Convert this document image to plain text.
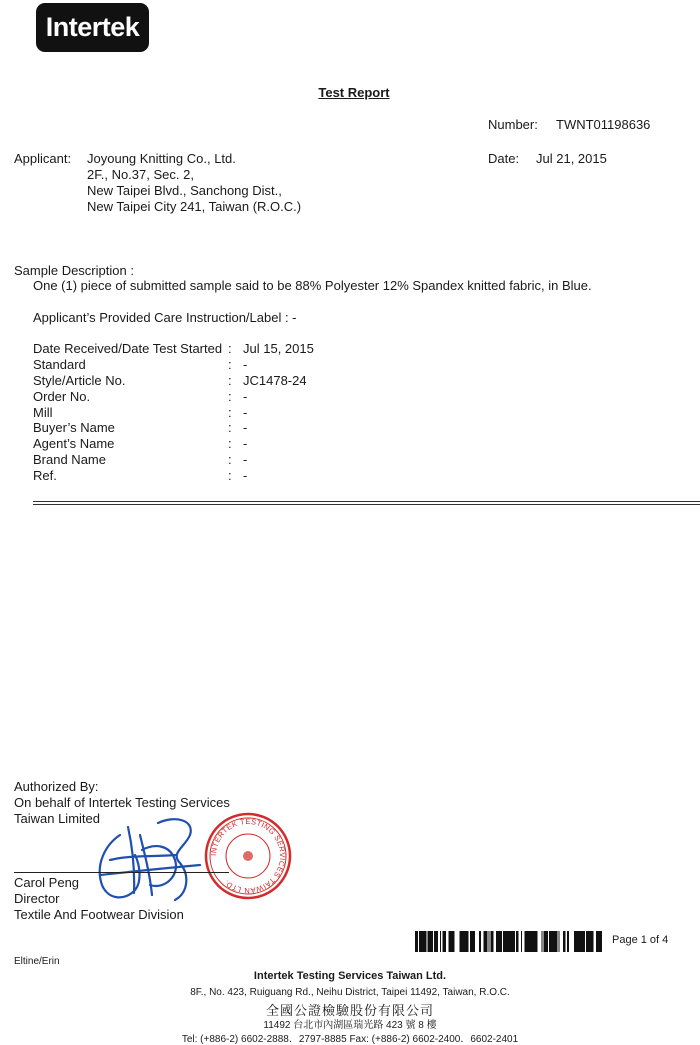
Intertek
Test Report
Number: TWNT01198636
Date: Jul 21, 2015
Applicant: Joyoung Knitting Co., Ltd.
2F., No.37, Sec. 2,
New Taipei Blvd., Sanchong Dist.,
New Taipei City 241, Taiwan (R.O.C.)
Sample Description :
One (1) piece of submitted sample said to be 88% Polyester 12% Spandex knitted fabric, in Blue.
Applicant’s Provided Care Instruction/Label : -
Date Received/Date Test Started : Jul 15, 2015
Standard	: -
Style/Article No.	: JC1478-24
Order No.	: -
Mill	: -
Buyer’s Name	: -
Agent’s Name	: -
Brand Name	: -
Ref.	: -
Authorized By:
On behalf of Intertek Testing Services
Taiwan Limited
INTERTEK TESTING SERVICES TAIWAN LTD.
Carol Peng
Director
Textile And Footwear Division
Page 1 of 4
Eltine/Erin
Intertek Testing Services Taiwan Ltd.
8F., No. 423, Ruiguang Rd., Neihu District, Taipei 11492, Taiwan, R.O.C.
全國公證檢驗股份有限公司
11492 台北市內湖區瑞光路 423 號 8 樓
Tel: (+886-2) 6602-2888．2797-8885 Fax: (+886-2) 6602-2400．6602-2401
